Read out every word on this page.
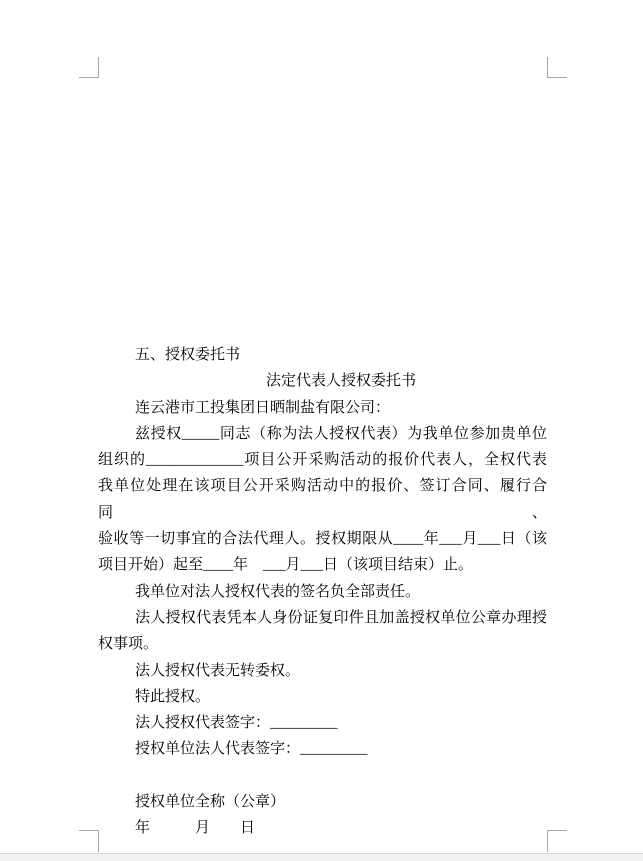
五、授权委托书
法定代表人授权委托书
连云港市工投集团日晒制盐有限公司：
兹授权_____同志（称为法人授权代表）为我单位参加贵单位
组织的_____________项目公开采购活动的报价代表人，全权代表
我单位处理在该项目公开采购活动中的报价、签订合同、履行合同、
验收等一切事宜的合法代理人。授权期限从____年___月___日（该
项目开始）起至____年　___月___日（该项目结束）止。
我单位对法人授权代表的签名负全部责任。
法人授权代表凭本人身份证复印件且加盖授权单位公章办理授
权事项。
法人授权代表无转委权。
特此授权。
法人授权代表签字：_________
授权单位法人代表签字：_________
授权单位全称（公章）
年　　　月　　日
